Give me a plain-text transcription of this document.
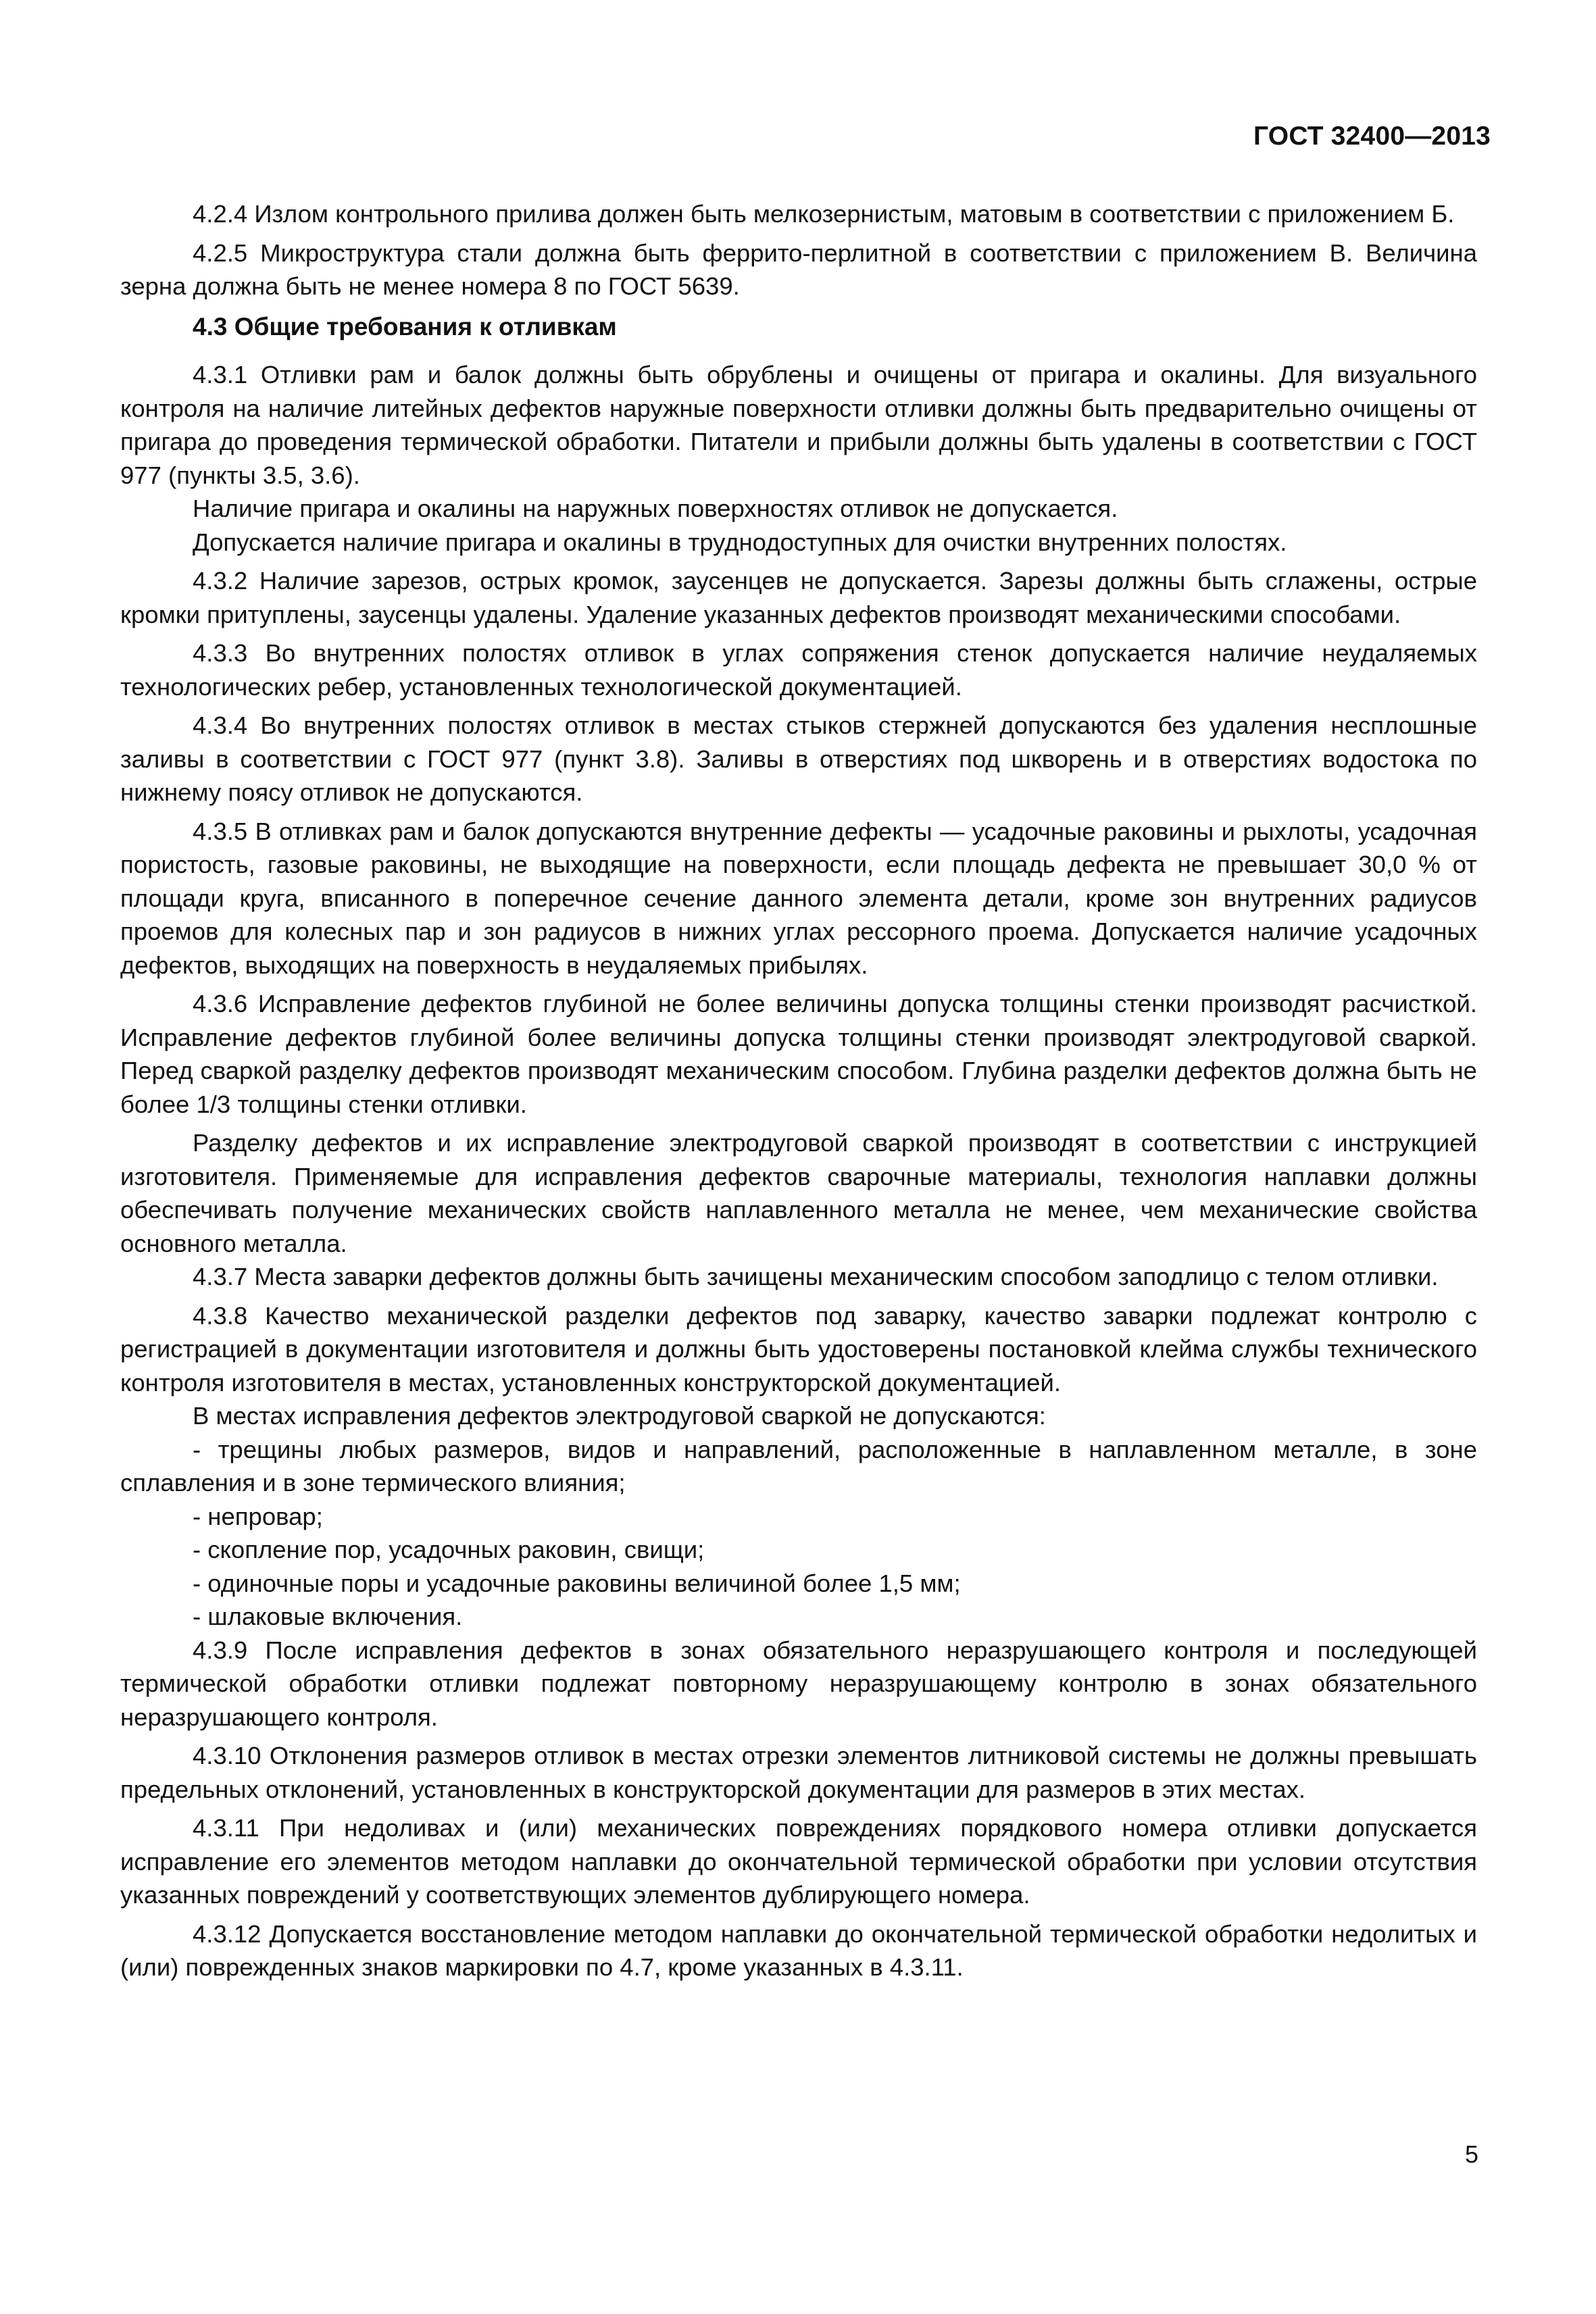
ГОСТ 32400—2013

4.2.4 Излом контрольного прилива должен быть мелкозернистым, матовым в соответствии с приложением Б.

4.2.5 Микроструктура стали должна быть феррито-перлитной в соответствии с приложением В. Величина зерна должна быть не менее номера 8 по ГОСТ 5639.

4.3 Общие требования к отливкам

4.3.1 Отливки рам и балок должны быть обрублены и очищены от пригара и окалины. Для визуального контроля на наличие литейных дефектов наружные поверхности отливки должны быть предварительно очищены от пригара до проведения термической обработки. Питатели и прибыли должны быть удалены в соответствии с ГОСТ 977 (пункты 3.5, 3.6).

Наличие пригара и окалины на наружных поверхностях отливок не допускается.

Допускается наличие пригара и окалины в труднодоступных для очистки внутренних полостях.

4.3.2 Наличие зарезов, острых кромок, заусенцев не допускается. Зарезы должны быть сглажены, острые кромки притуплены, заусенцы удалены. Удаление указанных дефектов производят механическими способами.

4.3.3 Во внутренних полостях отливок в углах сопряжения стенок допускается наличие неудаляемых технологических ребер, установленных технологической документацией.

4.3.4 Во внутренних полостях отливок в местах стыков стержней допускаются без удаления несплошные заливы в соответствии с ГОСТ 977 (пункт 3.8). Заливы в отверстиях под шкворень и в отверстиях водостока по нижнему поясу отливок не допускаются.

4.3.5 В отливках рам и балок допускаются внутренние дефекты — усадочные раковины и рыхлоты, усадочная пористость, газовые раковины, не выходящие на поверхности, если площадь дефекта не превышает 30,0 % от площади круга, вписанного в поперечное сечение данного элемента детали, кроме зон внутренних радиусов проемов для колесных пар и зон радиусов в нижних углах рессорного проема. Допускается наличие усадочных дефектов, выходящих на поверхность в неудаляемых прибылях.

4.3.6 Исправление дефектов глубиной не более величины допуска толщины стенки производят расчисткой. Исправление дефектов глубиной более величины допуска толщины стенки производят электродуговой сваркой. Перед сваркой разделку дефектов производят механическим способом. Глубина разделки дефектов должна быть не более 1/3 толщины стенки отливки.

Разделку дефектов и их исправление электродуговой сваркой производят в соответствии с инструкцией изготовителя. Применяемые для исправления дефектов сварочные материалы, технология наплавки должны обеспечивать получение механических свойств наплавленного металла не менее, чем механические свойства основного металла.

4.3.7 Места заварки дефектов должны быть зачищены механическим способом заподлицо с телом отливки.

4.3.8 Качество механической разделки дефектов под заварку, качество заварки подлежат контролю с регистрацией в документации изготовителя и должны быть удостоверены постановкой клейма службы технического контроля изготовителя в местах, установленных конструкторской документацией.

В местах исправления дефектов электродуговой сваркой не допускаются:

- трещины любых размеров, видов и направлений, расположенные в наплавленном металле, в зоне сплавления и в зоне термического влияния;

- непровар;

- скопление пор, усадочных раковин, свищи;

- одиночные поры и усадочные раковины величиной более 1,5 мм;

- шлаковые включения.

4.3.9 После исправления дефектов в зонах обязательного неразрушающего контроля и последующей термической обработки отливки подлежат повторному неразрушающему контролю в зонах обязательного неразрушающего контроля.

4.3.10 Отклонения размеров отливок в местах отрезки элементов литниковой системы не должны превышать предельных отклонений, установленных в конструкторской документации для размеров в этих местах.

4.3.11 При недоливах и (или) механических повреждениях порядкового номера отливки допускается исправление его элементов методом наплавки до окончательной термической обработки при условии отсутствия указанных повреждений у соответствующих элементов дублирующего номера.

4.3.12 Допускается восстановление методом наплавки до окончательной термической обработки недолитых и (или) поврежденных знаков маркировки по 4.7, кроме указанных в 4.3.11.

5
